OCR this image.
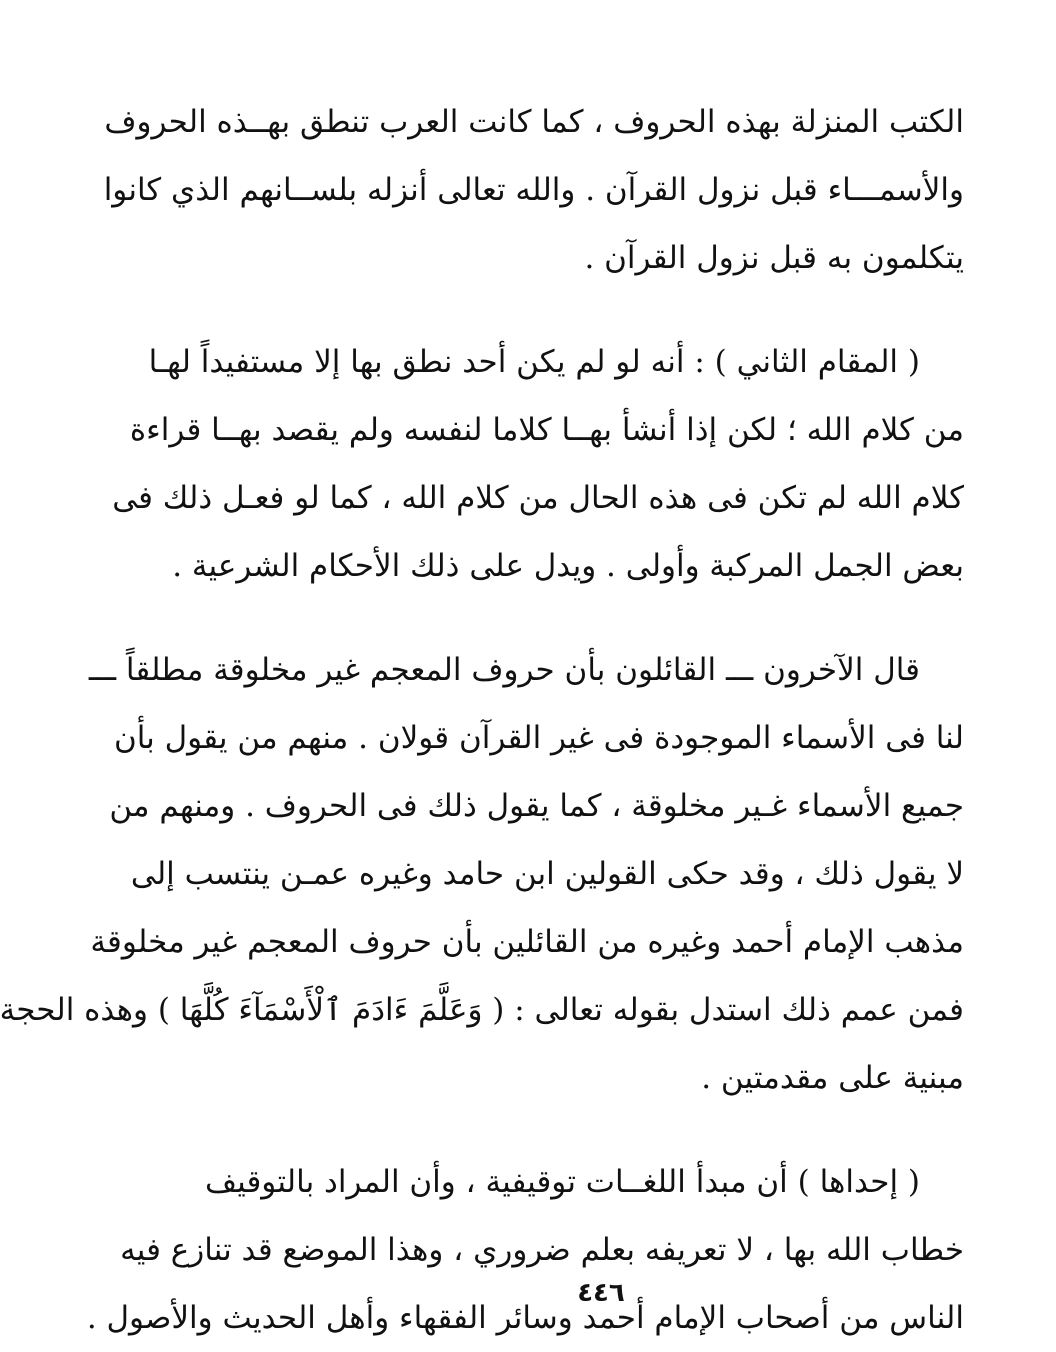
الكتب المنزلة بهذه الحروف ، كما كانت العرب تنطق بهــذه الحروف
والأسمـــاء قبل نزول القرآن . والله تعالى أنزله بلســانهم الذي كانوا
يتكلمون به قبل نزول القرآن .

( المقام الثاني ) : أنه لو لم يكن أحد نطق بها إلا مستفيداً لهـا
من كلام الله ؛ لكن إذا أنشأ بهــا كلاما لنفسه ولم يقصد بهــا قراءة
كلام الله لم تكن فى هذه الحال من كلام الله ، كما لو فعـل ذلك فى
بعض الجمل المركبة وأولى . ويدل على ذلك الأحكام الشرعية .

قال الآخرون ـــ القائلون بأن حروف المعجم غير مخلوقة مطلقاً ـــ
لنا فى الأسماء الموجودة فى غير القرآن قولان . منهم من يقول بأن
جميع الأسماء غـير مخلوقة ، كما يقول ذلك فى الحروف . ومنهم من
لا يقول ذلك ، وقد حكى القولين ابن حامد وغيره عمـن ينتسب إلى
مذهب الإمام أحمد وغيره من القائلين بأن حروف المعجم غير مخلوقة
فمن عمم ذلك استدل بقوله تعالى : ( وَعَلَّمَ ءَادَمَ ٱلْأَسْمَآءَ كُلَّهَا ) وهذه الحجة
مبنية على مقدمتين .

( إحداها ) أن مبدأ اللغــات توقيفية ، وأن المراد بالتوقيف
خطاب الله بها ، لا تعريفه بعلم ضروري ، وهذا الموضع قد تنازع فيه
الناس من أصحاب الإمام أحمد وسائر الفقهاء وأهل الحديث والأصول .

٤٤٦
